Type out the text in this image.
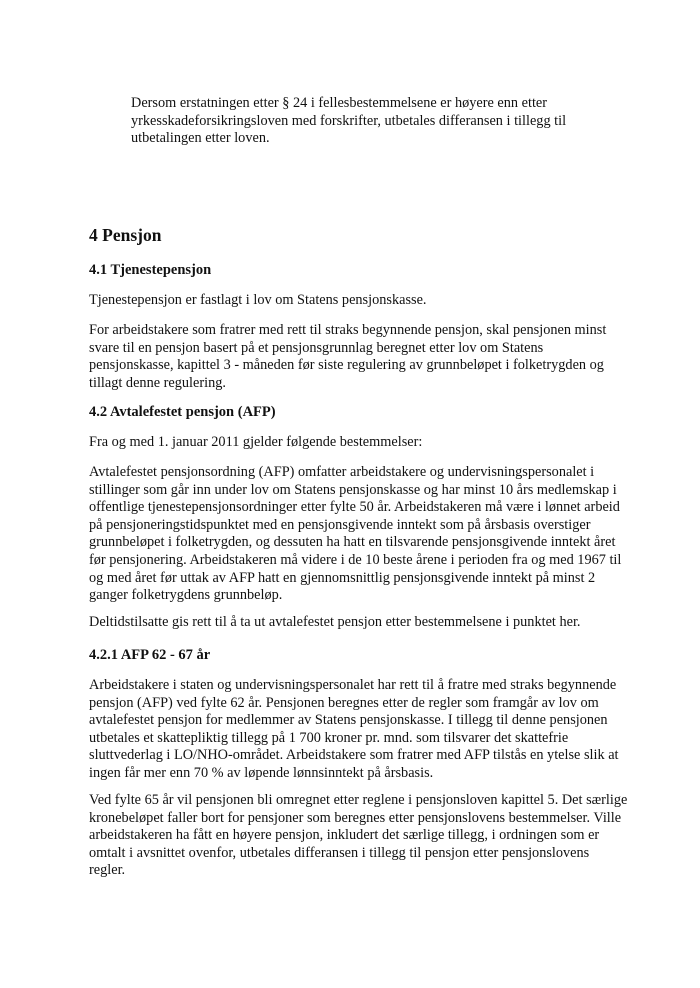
Dersom erstatningen etter § 24 i fellesbestemmelsene er høyere enn etter
yrkesskadeforsikringsloven med forskrifter, utbetales differansen i tillegg til
utbetalingen etter loven.
4 Pensjon
4.1 Tjenestepensjon
Tjenestepensjon er fastlagt i lov om Statens pensjonskasse.
For arbeidstakere som fratrer med rett til straks begynnende pensjon, skal pensjonen minst
svare til en pensjon basert på et pensjonsgrunnlag beregnet etter lov om Statens
pensjonskasse, kapittel 3 - måneden før siste regulering av grunnbeløpet i folketrygden og
tillagt denne regulering.
4.2 Avtalefestet pensjon (AFP)
Fra og med 1. januar 2011 gjelder følgende bestemmelser:
Avtalefestet pensjonsordning (AFP) omfatter arbeidstakere og undervisningspersonalet i
stillinger som går inn under lov om Statens pensjonskasse og har minst 10 års medlemskap i
offentlige tjenestepensjonsordninger etter fylte 50 år. Arbeidstakeren må være i lønnet arbeid
på pensjoneringstidspunktet med en pensjonsgivende inntekt som på årsbasis overstiger
grunnbeløpet i folketrygden, og dessuten ha hatt en tilsvarende pensjonsgivende inntekt året
før pensjonering. Arbeidstakeren må videre i de 10 beste årene i perioden fra og med 1967 til
og med året før uttak av AFP hatt en gjennomsnittlig pensjonsgivende inntekt på minst 2
ganger folketrygdens grunnbeløp.
Deltidstilsatte gis rett til å ta ut avtalefestet pensjon etter bestemmelsene i punktet her.
4.2.1 AFP 62 - 67 år
Arbeidstakere i staten og undervisningspersonalet har rett til å fratre med straks begynnende
pensjon (AFP) ved fylte 62 år. Pensjonen beregnes etter de regler som framgår av lov om
avtalefestet pensjon for medlemmer av Statens pensjonskasse. I tillegg til denne pensjonen
utbetales et skattepliktig tillegg på 1 700 kroner pr. mnd. som tilsvarer det skattefrie
sluttvederlag i LO/NHO-området. Arbeidstakere som fratrer med AFP tilstås en ytelse slik at
ingen får mer enn 70 % av løpende lønnsinntekt på årsbasis.
Ved fylte 65 år vil pensjonen bli omregnet etter reglene i pensjonsloven kapittel 5. Det særlige
kronebeløpet faller bort for pensjoner som beregnes etter pensjonslovens bestemmelser. Ville
arbeidstakeren ha fått en høyere pensjon, inkludert det særlige tillegg, i ordningen som er
omtalt i avsnittet ovenfor, utbetales differansen i tillegg til pensjon etter pensjonslovens
regler.
